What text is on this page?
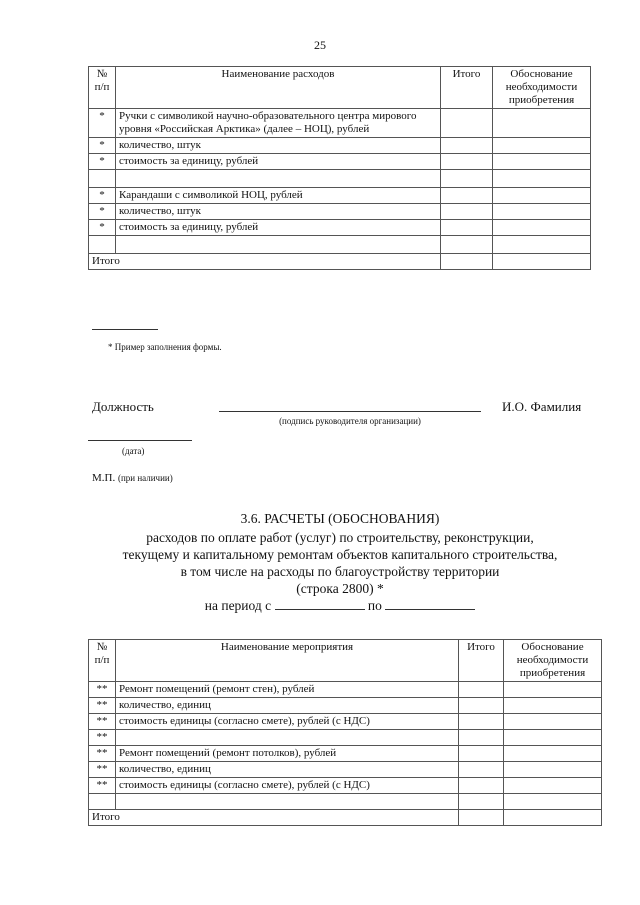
25
№ п/п	Наименование расходов	Итого	Обоснование необходимости приобретения
*	Ручки с символикой научно-образовательного центра мирового уровня «Российская Арктика» (далее – НОЦ), рублей		
*	количество, штук		
*	стоимость за единицу, рублей		

*	Карандаши с символикой НОЦ, рублей		
*	количество, штук		
*	стоимость за единицу, рублей		

Итого			
* Пример заполнения формы.
Должность
(подпись руководителя организации)
И.О. Фамилия
(дата)
М.П. (при наличии)
3.6. РАСЧЕТЫ (ОБОСНОВАНИЯ)
расходов по оплате работ (услуг) по строительству, реконструкции,
текущему и капитальному ремонтам объектов капитального строительства,
в том числе на расходы по благоустройству территории
(строка 2800) *
на период с	по
№ п/п	Наименование мероприятия	Итого	Обоснование необходимости приобретения
**	Ремонт помещений (ремонт стен), рублей		
**	количество, единиц		
**	стоимость единицы (согласно смете), рублей (с НДС)		
**			
**	Ремонт помещений (ремонт потолков), рублей		
**	количество, единиц		
**	стоимость единицы (согласно смете), рублей (с НДС)		

Итого			
